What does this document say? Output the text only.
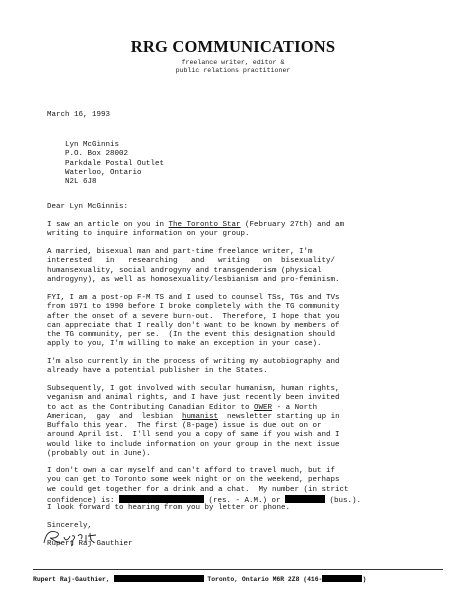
RRG COMMUNICATIONS
freelance writer, editor &
public relations practitioner
March 16, 1993
Lyn McGinnis
P.O. Box 28002
Parkdale Postal Outlet
Waterloo, Ontario
N2L 6J8
Dear Lyn McGinnis:
I saw an article on you in The Toronto Star (February 27th) and am
writing to inquire information on your group.
A married, bisexual man and part-time freelance writer, I'm
interested   in   researching   and   writing   on  bisexuality/
humansexuality, social androgyny and transgenderism (physical
androgyny), as well as homosexuality/lesbianism and pro-feminism.
FYI, I am a post-op F-M TS and I used to counsel TSs, TGs and TVs
from 1971 to 1990 before I broke completely with the TG community
after the onset of a severe burn-out.  Therefore, I hope that you
can appreciate that I really don't want to be known by members of
the TG community, per se.  (In the event this designation should
apply to you, I'm willing to make an exception in your case).
I'm also currently in the process of writing my autobiography and
already have a potential publisher in the States.
Subsequently, I got involved with secular humanism, human rights,
veganism and animal rights, and I have just recently been invited
to act as the Contributing Canadian Editor to OWER - a North
American,  gay  and  lesbian  humanist  newsletter starting up in
Buffalo this year.  The first (8-page) issue is due out on or
around April 1st.  I'll send you a copy of same if you wish and I
would like to include information on your group in the next issue
(probably out in June).
I don't own a car myself and can't afford to travel much, but if
you can get to Toronto some week night or on the weekend, perhaps
we could get together for a drink and a chat.  My number (in strict
confidence) is:	(res. - A.M.) or	(bus.).
I look forward to hearing from you by letter or phone.
Sincerely,
Rupert Raj-Gauthier
Rupert Raj-Gauthier,	Toronto, Ontario M6R 2Z8 (416-	)
